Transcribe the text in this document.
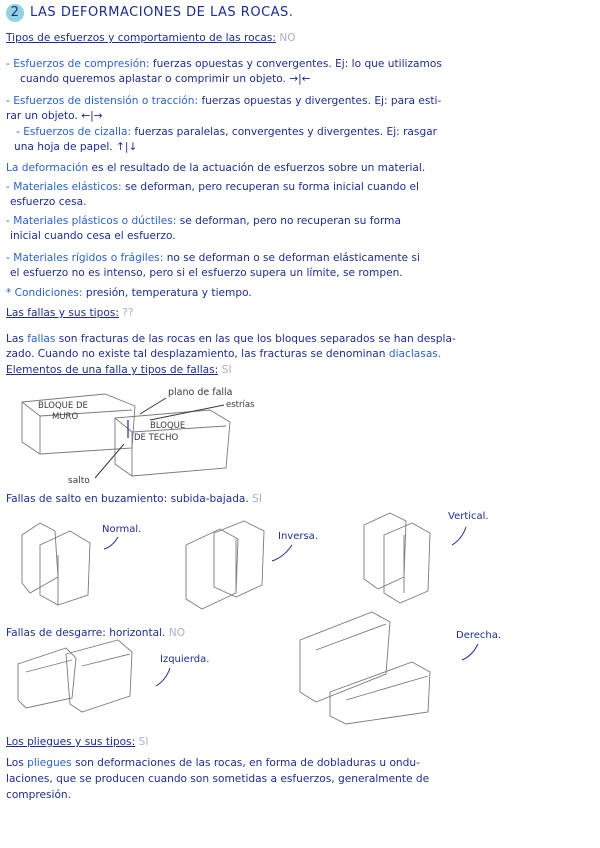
2 LAS DEFORMACIONES DE LAS ROCAS.
Tipos de esfuerzos y comportamiento de las rocas: NO
- Esfuerzos de compresión: fuerzas opuestas y convergentes. Ej: lo que utilizamos
cuando queremos aplastar o comprimir un objeto. →|←
- Esfuerzos de distensión o tracción: fuerzas opuestas y divergentes. Ej: para esti-
rar un objeto. ←|→
- Esfuerzos de cizalla: fuerzas paralelas, convergentes y divergentes. Ej: rasgar
una hoja de papel. ↑|↓
La deformación es el resultado de la actuación de esfuerzos sobre un material.
- Materiales elásticos: se deforman, pero recuperan su forma inicial cuando el
esfuerzo cesa.
- Materiales plásticos o dúctiles: se deforman, pero no recuperan su forma
inicial cuando cesa el esfuerzo.
- Materiales rígidos o frágiles: no se deforman o se deforman elásticamente si
el esfuerzo no es intenso, pero si el esfuerzo supera un límite, se rompen.
* Condiciones: presión, temperatura y tiempo.
Las fallas y sus tipos: ??
Las fallas son fracturas de las rocas en las que los bloques separados se han despla-
zado. Cuando no existe tal desplazamiento, las fracturas se denominan diaclasas.
Elementos de una falla y tipos de fallas: SI
BLOQUE DE
MURO
plano de falla
estrías
BLOQUE
DE TECHO
salto
Fallas de salto en buzamiento: subida-bajada. SI
Normal.
Inversa.
Vertical.
Fallas de desgarre: horizontal. NO
Izquierda.
Derecha.
Los pliegues y sus tipos: SI
Los pliegues son deformaciones de las rocas, en forma de dobladuras u ondu-
laciones, que se producen cuando son sometidas a esfuerzos, generalmente de
compresión.
